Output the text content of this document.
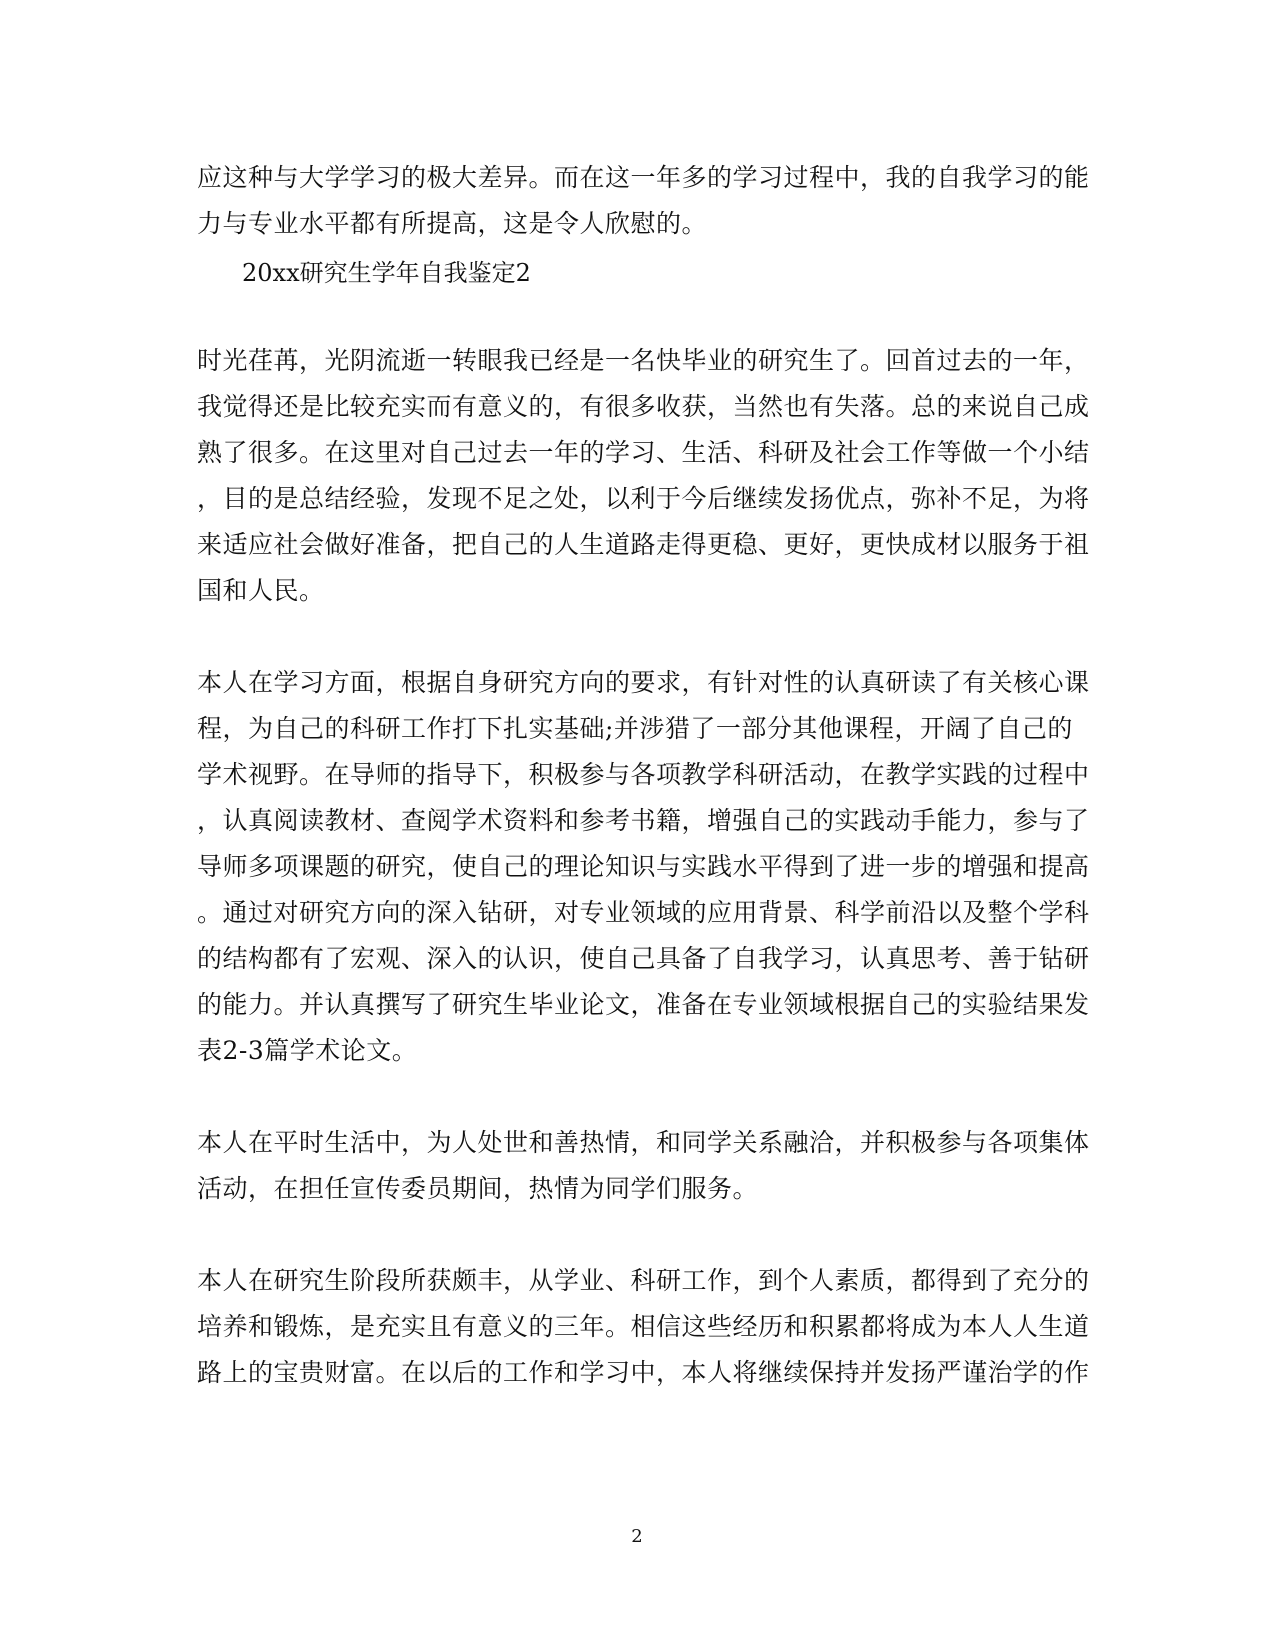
应这种与大学学习的极大差异。而在这一年多的学习过程中，我的自我学习的能
力与专业水平都有所提高，这是令人欣慰的。
20xx研究生学年自我鉴定2
时光荏苒，光阴流逝一转眼我已经是一名快毕业的研究生了。回首过去的一年，
我觉得还是比较充实而有意义的，有很多收获，当然也有失落。总的来说自己成
熟了很多。在这里对自己过去一年的学习、生活、科研及社会工作等做一个小结
，目的是总结经验，发现不足之处，以利于今后继续发扬优点，弥补不足，为将
来适应社会做好准备，把自己的人生道路走得更稳、更好，更快成材以服务于祖
国和人民。
本人在学习方面，根据自身研究方向的要求，有针对性的认真研读了有关核心课
程，为自己的科研工作打下扎实基础;并涉猎了一部分其他课程，开阔了自己的
学术视野。在导师的指导下，积极参与各项教学科研活动，在教学实践的过程中
，认真阅读教材、查阅学术资料和参考书籍，增强自己的实践动手能力，参与了
导师多项课题的研究，使自己的理论知识与实践水平得到了进一步的增强和提高
。通过对研究方向的深入钻研，对专业领域的应用背景、科学前沿以及整个学科
的结构都有了宏观、深入的认识，使自己具备了自我学习，认真思考、善于钻研
的能力。并认真撰写了研究生毕业论文，准备在专业领域根据自己的实验结果发
表2-3篇学术论文。
本人在平时生活中，为人处世和善热情，和同学关系融洽，并积极参与各项集体
活动，在担任宣传委员期间，热情为同学们服务。
本人在研究生阶段所获颇丰，从学业、科研工作，到个人素质，都得到了充分的
培养和锻炼，是充实且有意义的三年。相信这些经历和积累都将成为本人人生道
路上的宝贵财富。在以后的工作和学习中，本人将继续保持并发扬严谨治学的作
2
